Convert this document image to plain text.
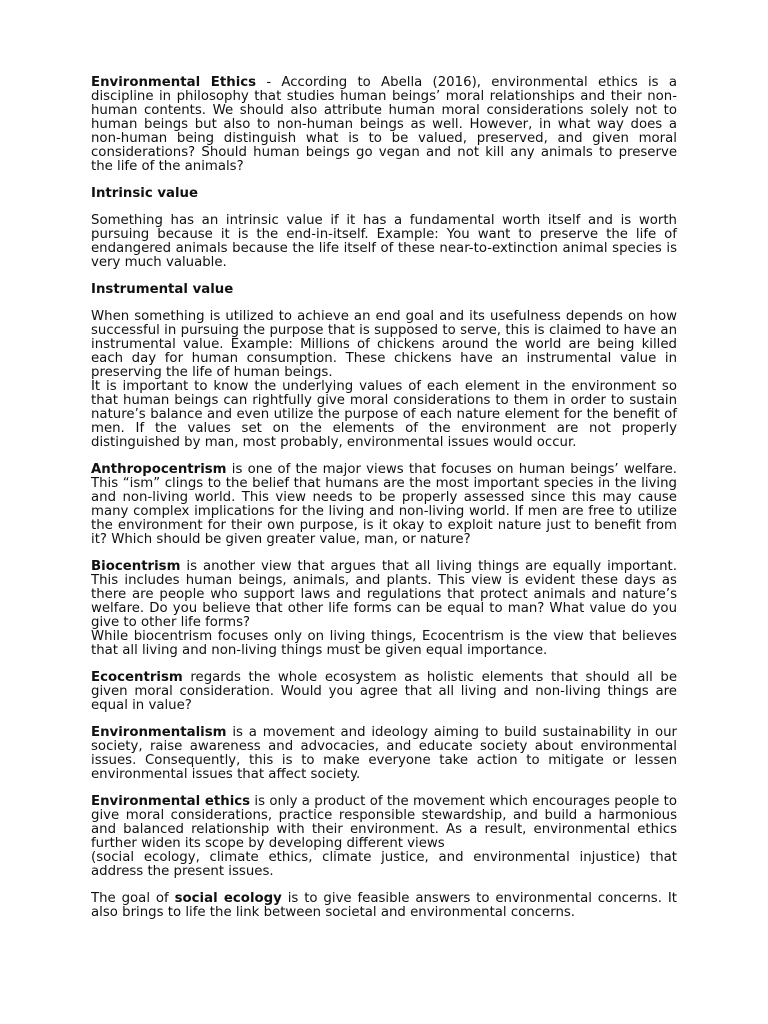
Environmental Ethics - According to Abella (2016), environmental ethics is a discipline in philosophy that studies human beings’ moral relationships and their non-human contents. We should also attribute human moral considerations solely not to human beings but also to non-human beings as well. However, in what way does a non-human being distinguish what is to be valued, preserved, and given moral considerations? Should human beings go vegan and not kill any animals to preserve the life of the animals?

Intrinsic value

Something has an intrinsic value if it has a fundamental worth itself and is worth pursuing because it is the end-in-itself. Example: You want to preserve the life of endangered animals because the life itself of these near-to-extinction animal species is very much valuable.

Instrumental value

When something is utilized to achieve an end goal and its usefulness depends on how successful in pursuing the purpose that is supposed to serve, this is claimed to have an instrumental value. Example: Millions of chickens around the world are being killed each day for human consumption. These chickens have an instrumental value in preserving the life of human beings.

It is important to know the underlying values of each element in the environment so that human beings can rightfully give moral considerations to them in order to sustain nature’s balance and even utilize the purpose of each nature element for the benefit of men. If the values set on the elements of the environment are not properly distinguished by man, most probably, environmental issues would occur.

Anthropocentrism is one of the major views that focuses on human beings’ welfare. This “ism” clings to the belief that humans are the most important species in the living and non-living world. This view needs to be properly assessed since this may cause many complex implications for the living and non-living world. If men are free to utilize the environment for their own purpose, is it okay to exploit nature just to benefit from it? Which should be given greater value, man, or nature?

Biocentrism is another view that argues that all living things are equally important. This includes human beings, animals, and plants. This view is evident these days as there are people who support laws and regulations that protect animals and nature’s welfare. Do you believe that other life forms can be equal to man? What value do you give to other life forms?

While biocentrism focuses only on living things, Ecocentrism is the view that believes that all living and non-living things must be given equal importance.

Ecocentrism regards the whole ecosystem as holistic elements that should all be given moral consideration. Would you agree that all living and non-living things are equal in value?

Environmentalism is a movement and ideology aiming to build sustainability in our society, raise awareness and advocacies, and educate society about environmental issues. Consequently, this is to make everyone take action to mitigate or lessen environmental issues that affect society.

Environmental ethics is only a product of the movement which encourages people to give moral considerations, practice responsible stewardship, and build a harmonious and balanced relationship with their environment. As a result, environmental ethics further widen its scope by developing different views

(social ecology, climate ethics, climate justice, and environmental injustice) that address the present issues.

The goal of social ecology is to give feasible answers to environmental concerns. It also brings to life the link between societal and environmental concerns.
